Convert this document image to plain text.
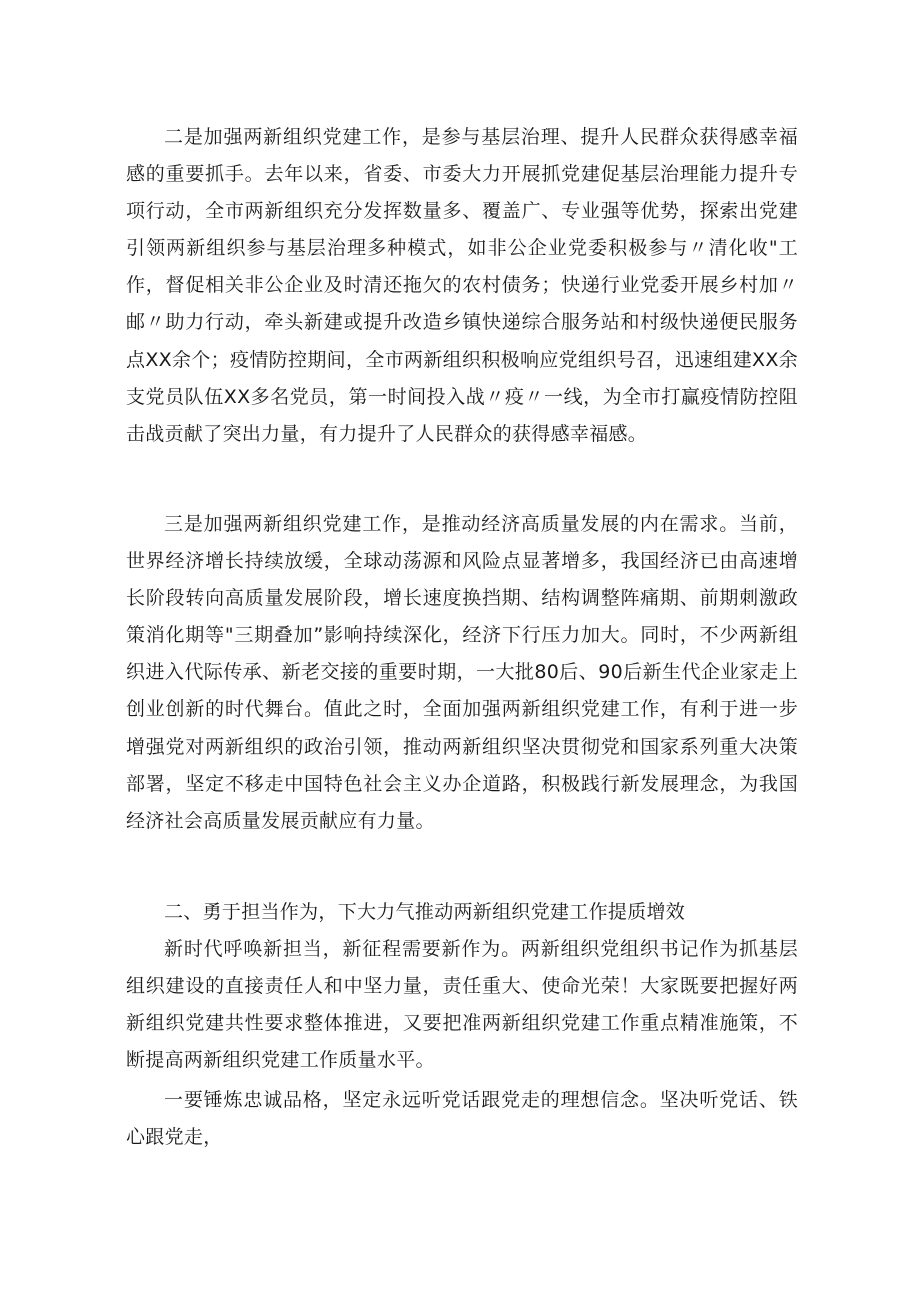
二是加强两新组织党建工作，是参与基层治理、提升人民群众获得感幸福感的重要抓手。去年以来，省委、市委大力开展抓党建促基层治理能力提升专项行动，全市两新组织充分发挥数量多、覆盖广、专业强等优势，探索出党建引领两新组织参与基层治理多种模式，如非公企业党委积极参与〃清化收"工作，督促相关非公企业及时清还拖欠的农村债务；快递行业党委开展乡村加〃邮〃助力行动，牵头新建或提升改造乡镇快递综合服务站和村级快递便民服务点XX余个；疫情防控期间，全市两新组织积极响应党组织号召，迅速组建XX余支党员队伍XX多名党员，第一时间投入战〃疫〃一线，为全市打赢疫情防控阻击战贡献了突出力量，有力提升了人民群众的获得感幸福感。

三是加强两新组织党建工作，是推动经济高质量发展的内在需求。当前，世界经济增长持续放缓，全球动荡源和风险点显著增多，我国经济已由高速增长阶段转向高质量发展阶段，增长速度换挡期、结构调整阵痛期、前期刺激政策消化期等"三期叠加”影响持续深化，经济下行压力加大。同时，不少两新组织进入代际传承、新老交接的重要时期，一大批80后、90后新生代企业家走上创业创新的时代舞台。值此之时，全面加强两新组织党建工作，有利于进一步增强党对两新组织的政治引领，推动两新组织坚决贯彻党和国家系列重大决策部署，坚定不移走中国特色社会主义办企道路，积极践行新发展理念，为我国经济社会高质量发展贡献应有力量。

二、勇于担当作为，下大力气推动两新组织党建工作提质增效

新时代呼唤新担当，新征程需要新作为。两新组织党组织书记作为抓基层组织建设的直接责任人和中坚力量，责任重大、使命光荣！大家既要把握好两新组织党建共性要求整体推进，又要把准两新组织党建工作重点精准施策，不断提高两新组织党建工作质量水平。

一要锤炼忠诚品格，坚定永远听党话跟党走的理想信念。坚决听党话、铁心跟党走，
